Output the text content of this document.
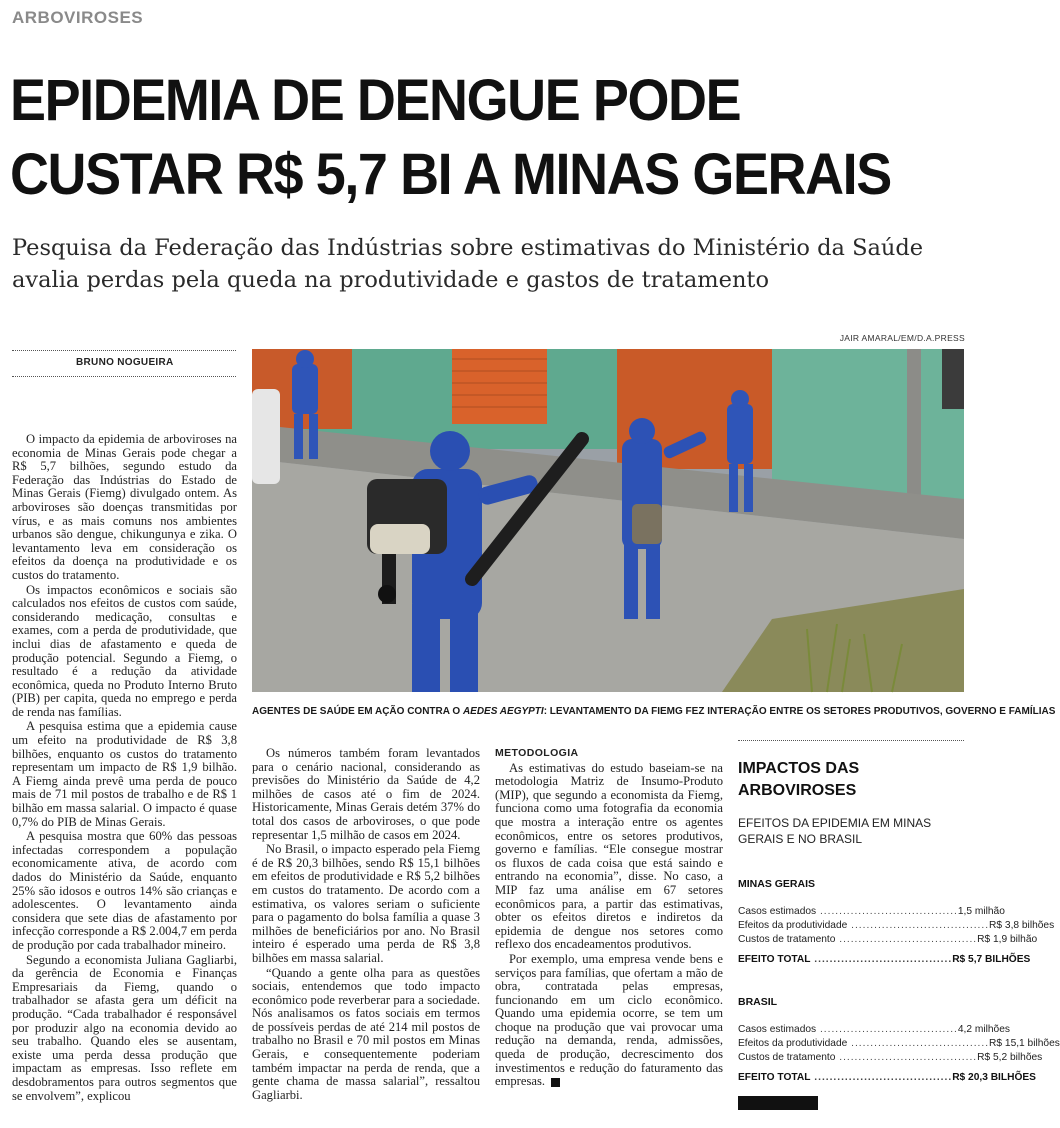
ARBOVIROSES
EPIDEMIA DE DENGUE PODE
CUSTAR R$ 5,7 BI A MINAS GERAIS

Pesquisa da Federação das Indústrias sobre estimativas do Ministério da Saúde avalia perdas pela queda na produtividade e gastos de tratamento

BRUNO NOGUEIRA
JAIR AMARAL/EM/D.A.PRESS
AGENTES DE SAÚDE EM AÇÃO CONTRA O AEDES AEGYPTI: LEVANTAMENTO DA FIEMG FEZ INTERAÇÃO ENTRE OS SETORES PRODUTIVOS, GOVERNO E FAMÍLIAS

O impacto da epidemia de arboviroses na economia de Minas Gerais pode chegar a R$ 5,7 bilhões, segundo estudo da Federação das Indústrias do Estado de Minas Gerais (Fiemg) divulgado ontem. As arboviroses são doenças transmitidas por vírus, e as mais comuns nos ambientes urbanos são dengue, chikungunya e zika. O levantamento leva em consideração os efeitos da doença na produtividade e os custos do tratamento.

Os impactos econômicos e sociais são calculados nos efeitos de custos com saúde, considerando medicação, consultas e exames, com a perda de produtividade, que inclui dias de afastamento e queda de produção potencial. Segundo a Fiemg, o resultado é a redução da atividade econômica, queda no Produto Interno Bruto (PIB) per capita, queda no emprego e perda de renda nas famílias.

A pesquisa estima que a epidemia cause um efeito na produtividade de R$ 3,8 bilhões, enquanto os custos do tratamento representam um impacto de R$ 1,9 bilhão. A Fiemg ainda prevê uma perda de pouco mais de 71 mil postos de trabalho e de R$ 1 bilhão em massa salarial. O impacto é quase 0,7% do PIB de Minas Gerais.

A pesquisa mostra que 60% das pessoas infectadas correspondem a população economicamente ativa, de acordo com dados do Ministério da Saúde, enquanto 25% são idosos e outros 14% são crianças e adolescentes. O levantamento ainda considera que sete dias de afastamento por infecção corresponde a R$ 2.004,7 em perda de produção por cada trabalhador mineiro.

Segundo a economista Juliana Gagliarbi, da gerência de Economia e Finanças Empresariais da Fiemg, quando o trabalhador se afasta gera um déficit na produção. “Cada trabalhador é responsável por produzir algo na economia devido ao seu trabalho. Quando eles se ausentam, existe uma perda dessa produção que impactam as empresas. Isso reflete em desdobramentos para outros segmentos que se envolvem”, explicou

Os números também foram levantados para o cenário nacional, considerando as previsões do Ministério da Saúde de 4,2 milhões de casos até o fim de 2024. Historicamente, Minas Gerais detém 37% do total dos casos de arboviroses, o que pode representar 1,5 milhão de casos em 2024.

No Brasil, o impacto esperado pela Fiemg é de R$ 20,3 bilhões, sendo R$ 15,1 bilhões em efeitos de produtividade e R$ 5,2 bilhões em custos do tratamento. De acordo com a estimativa, os valores seriam o suficiente para o pagamento do bolsa família a quase 3 milhões de beneficiários por ano. No Brasil inteiro é esperado uma perda de R$ 3,8 bilhões em massa salarial.

“Quando a gente olha para as questões sociais, entendemos que todo impacto econômico pode reverberar para a sociedade. Nós analisamos os fatos sociais em termos de possíveis perdas de até 214 mil postos de trabalho no Brasil e 70 mil postos em Minas Gerais, e consequentemente poderiam também impactar na perda de renda, que a gente chama de massa salarial”, ressaltou Gagliarbi.

METODOLOGIA

As estimativas do estudo baseiam-se na metodologia Matriz de Insumo-Produto (MIP), que segundo a economista da Fiemg, funciona como uma fotografia da economia que mostra a interação entre os agentes econômicos, entre os setores produtivos, governo e famílias. “Ele consegue mostrar os fluxos de cada coisa que está saindo e entrando na economia”, disse. No caso, a MIP faz uma análise em 67 setores econômicos para, a partir das estimativas, obter os efeitos diretos e indiretos da epidemia de dengue nos setores como reflexo dos encadeamentos produtivos.

Por exemplo, uma empresa vende bens e serviços para famílias, que ofertam a mão de obra, contratada pelas empresas, funcionando em um ciclo econômico. Quando uma epidemia ocorre, se tem um choque na produção que vai provocar uma redução na demanda, renda, admissões, queda de produção, decrescimento dos investimentos e redução do faturamento das empresas.

IMPACTOS DAS
ARBOVIROSES
EFEITOS DA EPIDEMIA EM MINAS GERAIS E NO BRASIL
MINAS GERAIS
Casos estimados .................................... 1,5 milhão
Efeitos da produtividade .................................... R$ 3,8 bilhões
Custos de tratamento .................................... R$ 1,9 bilhão
EFEITO TOTAL .................................... R$ 5,7 BILHÕES
BRASIL
Casos estimados .................................... 4,2 milhões
Efeitos da produtividade .................................... R$ 15,1 bilhões
Custos de tratamento .................................... R$ 5,2 bilhões
EFEITO TOTAL .................................... R$ 20,3 BILHÕES
